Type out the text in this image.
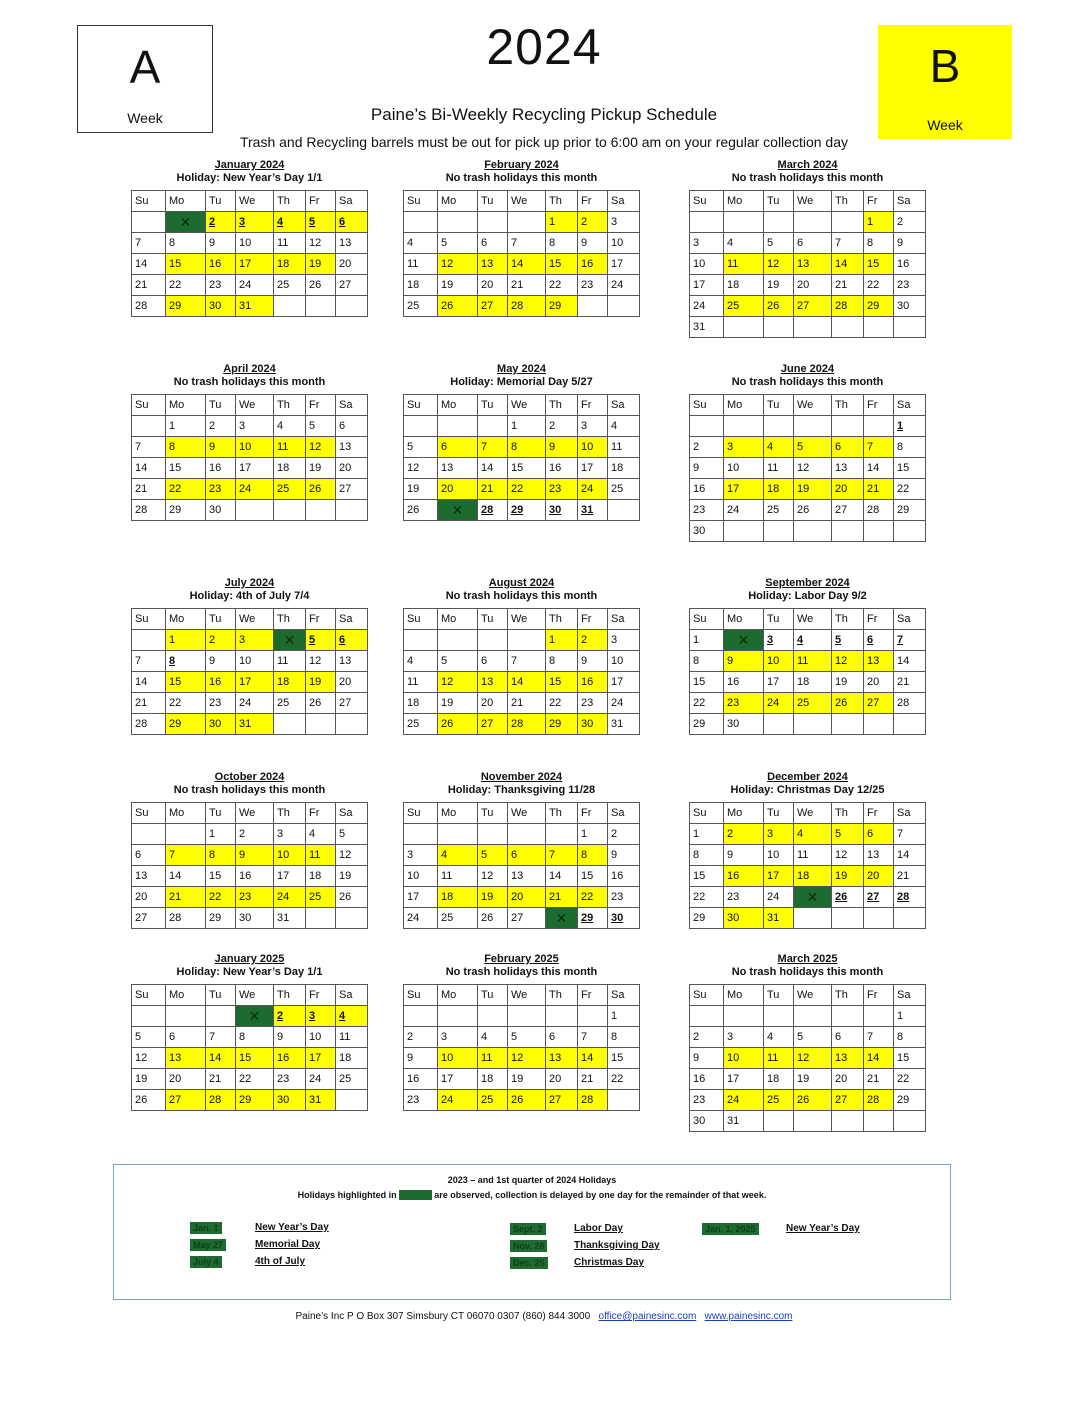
A
Week
B
Week
2024
Paine’s Bi-Weekly Recycling Pickup Schedule
Trash and Recycling barrels must be out for pick up prior to 6:00 am on your regular collection day
January 2024
Holiday: New Year’s Day 1/1
Su	Mo	Tu	We	Th	Fr	Sa
	1 ✕	2	3	4	5	6
7	8	9	10	11	12	13
14	15	16	17	18	19	20
21	22	23	24	25	26	27
28	29	30	31			
February 2024
No trash holidays this month
Su	Mo	Tu	We	Th	Fr	Sa
				1	2	3
4	5	6	7	8	9	10
11	12	13	14	15	16	17
18	19	20	21	22	23	24
25	26	27	28	29		
March 2024
No trash holidays this month
Su	Mo	Tu	We	Th	Fr	Sa
					1	2
3	4	5	6	7	8	9
10	11	12	13	14	15	16
17	18	19	20	21	22	23
24	25	26	27	28	29	30
31						
April 2024
No trash holidays this month
Su	Mo	Tu	We	Th	Fr	Sa
	1	2	3	4	5	6
7	8	9	10	11	12	13
14	15	16	17	18	19	20
21	22	23	24	25	26	27
28	29	30				
May 2024
Holiday: Memorial Day 5/27
Su	Mo	Tu	We	Th	Fr	Sa
			1	2	3	4
5	6	7	8	9	10	11
12	13	14	15	16	17	18
19	20	21	22	23	24	25
26	27 ✕	28	29	30	31	
June 2024
No trash holidays this month
Su	Mo	Tu	We	Th	Fr	Sa
						1
2	3	4	5	6	7	8
9	10	11	12	13	14	15
16	17	18	19	20	21	22
23	24	25	26	27	28	29
30						
July 2024
Holiday: 4th of July 7/4
Su	Mo	Tu	We	Th	Fr	Sa
	1	2	3	4 ✕	5	6
7	8	9	10	11	12	13
14	15	16	17	18	19	20
21	22	23	24	25	26	27
28	29	30	31			
August 2024
No trash holidays this month
Su	Mo	Tu	We	Th	Fr	Sa
				1	2	3
4	5	6	7	8	9	10
11	12	13	14	15	16	17
18	19	20	21	22	23	24
25	26	27	28	29	30	31
September 2024
Holiday: Labor Day 9/2
Su	Mo	Tu	We	Th	Fr	Sa
1	2 ✕	3	4	5	6	7
8	9	10	11	12	13	14
15	16	17	18	19	20	21
22	23	24	25	26	27	28
29	30					
October 2024
No trash holidays this month
Su	Mo	Tu	We	Th	Fr	Sa
		1	2	3	4	5
6	7	8	9	10	11	12
13	14	15	16	17	18	19
20	21	22	23	24	25	26
27	28	29	30	31		
November 2024
Holiday: Thanksgiving 11/28
Su	Mo	Tu	We	Th	Fr	Sa
					1	2
3	4	5	6	7	8	9
10	11	12	13	14	15	16
17	18	19	20	21	22	23
24	25	26	27	28 ✕	29	30
December 2024
Holiday: Christmas Day 12/25
Su	Mo	Tu	We	Th	Fr	Sa
1	2	3	4	5	6	7
8	9	10	11	12	13	14
15	16	17	18	19	20	21
22	23	24	25 ✕	26	27	28
29	30	31				
January 2025
Holiday: New Year’s Day 1/1
Su	Mo	Tu	We	Th	Fr	Sa
			1 ✕	2	3	4
5	6	7	8	9	10	11
12	13	14	15	16	17	18
19	20	21	22	23	24	25
26	27	28	29	30	31	
February 2025
No trash holidays this month
Su	Mo	Tu	We	Th	Fr	Sa
						1
2	3	4	5	6	7	8
9	10	11	12	13	14	15
16	17	18	19	20	21	22
23	24	25	26	27	28	
March 2025
No trash holidays this month
Su	Mo	Tu	We	Th	Fr	Sa
						1
2	3	4	5	6	7	8
9	10	11	12	13	14	15
16	17	18	19	20	21	22
23	24	25	26	27	28	29
30	31					
2023 – and 1st quarter of 2024 Holidays
Holidays highlighted in green are observed, collection is delayed by one day for the remainder of that week.
Jan. 1	New Year’s Day
May 27	Memorial Day
July 4	4th of July
Sept. 2	Labor Day
Nov. 28	Thanksgiving Day
Dec. 25	Christmas Day
Jan. 1, 2025	New Year’s Day
Paine’s Inc P O Box 307 Simsbury CT 06070 0307 (860) 844 3000 office@painesinc.com www.painesinc.com
